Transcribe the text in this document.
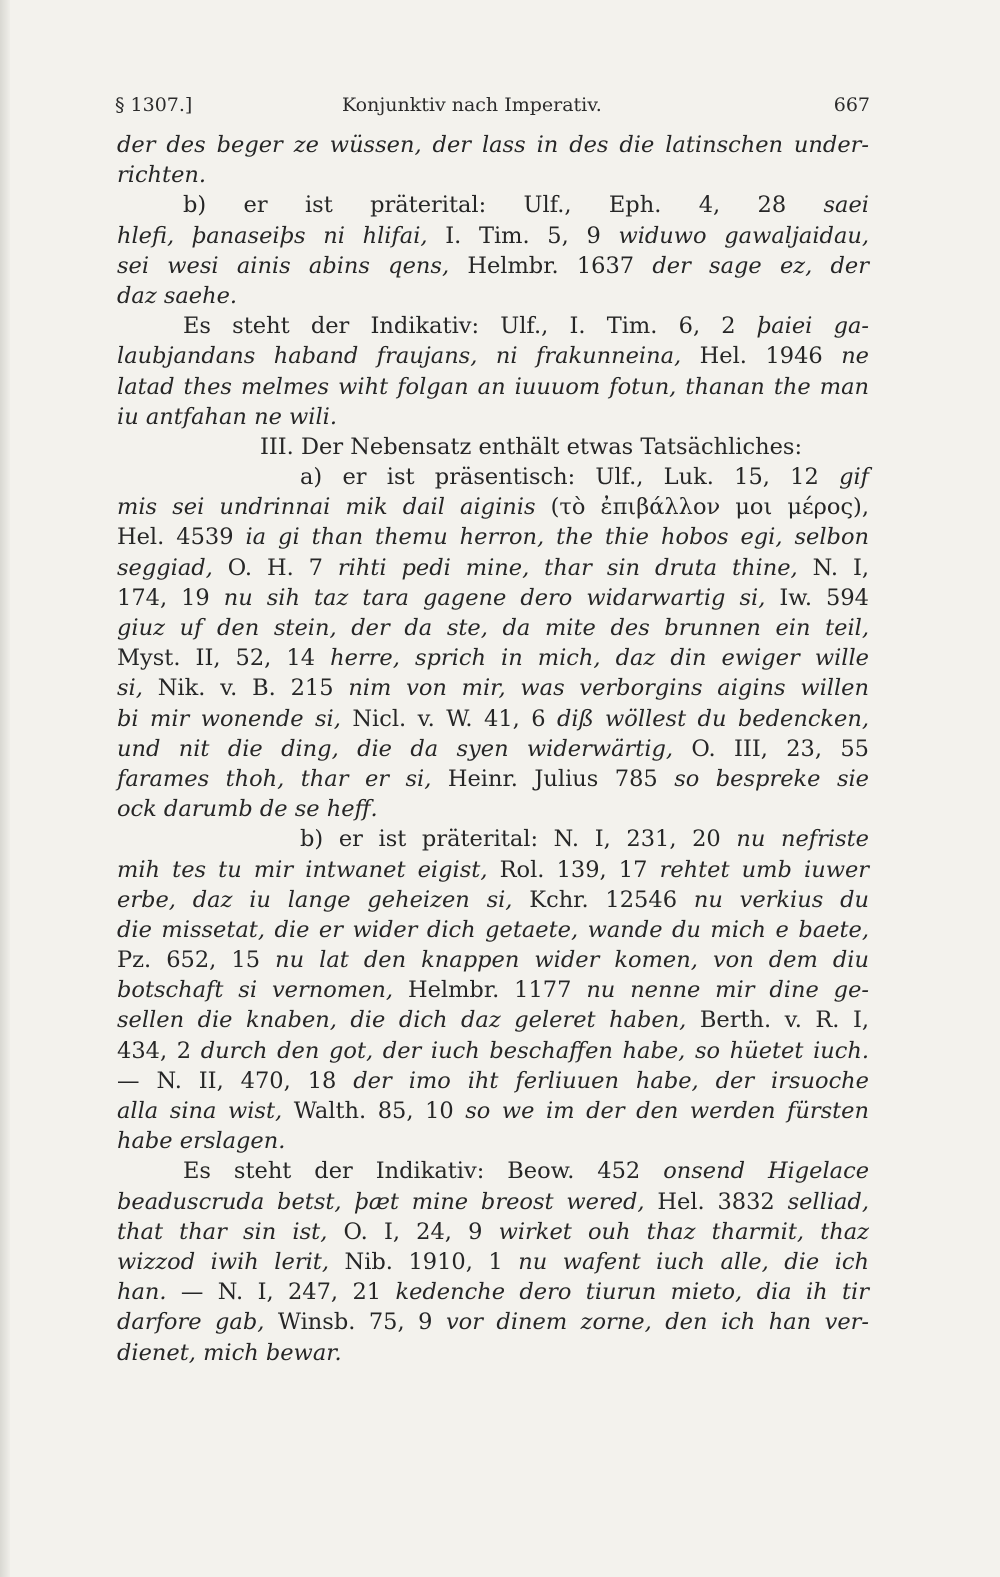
§ 1307.]	Konjunktiv nach Imperativ.	667
der des beger ze wüssen, der lass in des die latinschen under-
richten.
b) er ist präterital: Ulf., Eph. 4, 28 saei
hlefi, þanaseiþs ni hlifai, I. Tim. 5, 9 widuwo gawaljaidau,
sei wesi ainis abins qens, Helmbr. 1637 der sage ez, der
daz saehe.
Es steht der Indikativ: Ulf., I. Tim. 6, 2 þaiei ga-
laubjandans haband fraujans, ni frakunneina, Hel. 1946 ne
latad thes melmes wiht folgan an iuuuom fotun, thanan the man
iu antfahan ne wili.
III. Der Nebensatz enthält etwas Tatsächliches:
a) er ist präsentisch: Ulf., Luk. 15, 12 gif
mis sei undrinnai mik dail aiginis (τὸ ἐπιβάλλον μοι μέρος),
Hel. 4539 ia gi than themu herron, the thie hobos egi, selbon
seggiad, O. H. 7 rihti pedi mine, thar sin druta thine, N. I,
174, 19 nu sih taz tara gagene dero widarwartig si, Iw. 594
giuz uf den stein, der da ste, da mite des brunnen ein teil,
Myst. II, 52, 14 herre, sprich in mich, daz din ewiger wille
si, Nik. v. B. 215 nim von mir, was verborgins aigins willen
bi mir wonende si, Nicl. v. W. 41, 6 diß wöllest du bedencken,
und nit die ding, die da syen widerwärtig, O. III, 23, 55
farames thoh, thar er si, Heinr. Julius 785 so bespreke sie
ock darumb de se heff.
b) er ist präterital: N. I, 231, 20 nu nefriste
mih tes tu mir intwanet eigist, Rol. 139, 17 rehtet umb iuwer
erbe, daz iu lange geheizen si, Kchr. 12546 nu verkius du
die missetat, die er wider dich getaete, wande du mich e baete,
Pz. 652, 15 nu lat den knappen wider komen, von dem diu
botschaft si vernomen, Helmbr. 1177 nu nenne mir dine ge-
sellen die knaben, die dich daz geleret haben, Berth. v. R. I,
434, 2 durch den got, der iuch beschaffen habe, so hüetet iuch.
— N. II, 470, 18 der imo iht ferliuuen habe, der irsuoche
alla sina wist, Walth. 85, 10 so we im der den werden fürsten
habe erslagen.
Es steht der Indikativ: Beow. 452 onsend Higelace
beaduscruda betst, þæt mine breost wered, Hel. 3832 selliad,
that thar sin ist, O. I, 24, 9 wirket ouh thaz tharmit, thaz
wizzod iwih lerit, Nib. 1910, 1 nu wafent iuch alle, die ich
han. — N. I, 247, 21 kedenche dero tiurun mieto, dia ih tir
darfore gab, Winsb. 75, 9 vor dinem zorne, den ich han ver-
dienet, mich bewar.
